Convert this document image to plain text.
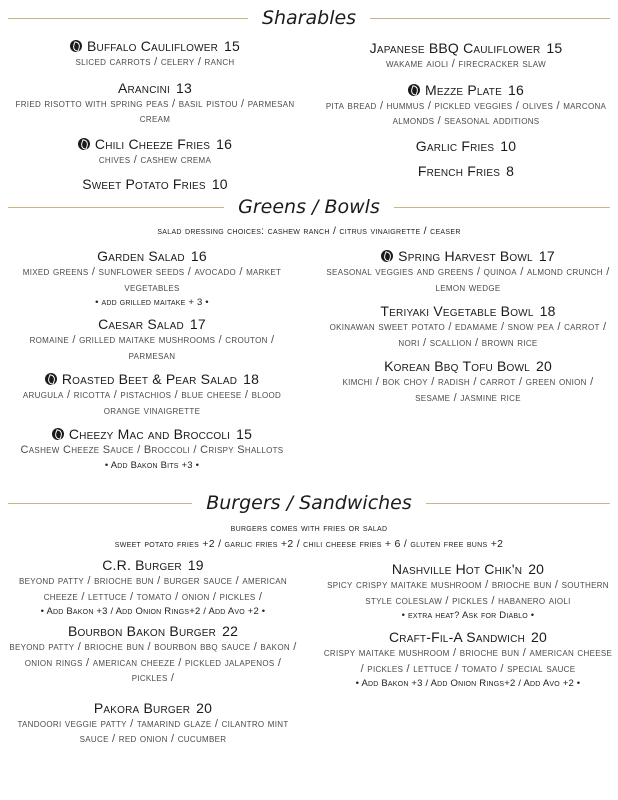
Sharables
Buffalo Cauliflower 15
sliced carrots / celery / ranch
Arancini 13
fried risotto with spring peas / basil pistou / parmesan cream
Chili Cheeze Fries 16
chives / cashew crema
Sweet Potato Fries 10
Japanese BBQ Cauliflower 15
wakame aioli / firecracker slaw
Mezze Plate 16
pita bread / hummus / pickled veggies / olives / marcona almonds / seasonal additions
Garlic Fries 10
French Fries 8
Greens / Bowls
salad dressing choices: cashew ranch / citrus vinaigrette / ceaser
Garden Salad 16
mixed greens / sunflower seeds / avocado / market vegetables
• add grilled maitake + 3 •
Caesar Salad 17
romaine / grilled maitake mushrooms / crouton / parmesan
Roasted Beet & Pear Salad 18
arugula / ricotta / pistachios / blue cheese / blood orange vinaigrette
Cheezy Mac and Broccoli 15
Cashew Cheeze Sauce / Broccoli / Crispy Shallots
• Add Bakon Bits +3 •
Spring Harvest Bowl 17
seasonal veggies and greens / quinoa / almond crunch / lemon wedge
Teriyaki Vegetable Bowl 18
okinawan sweet potato / edamame / snow pea / carrot / nori / scallion / brown rice
Korean Bbq Tofu Bowl 20
kimchi / bok choy / radish / carrot / green onion / sesame / jasmine rice
Burgers / Sandwiches
burgers comes with fries or salad
sweet potato fries +2 / garlic fries +2 / chili cheese fries + 6 / gluten free buns +2
C.R. Burger 19
beyond patty / brioche bun / burger sauce / american cheeze / lettuce / tomato / onion / pickles /
• Add Bakon +3 / Add Onion Rings+2 / Add Avo +2 •
Bourbon Bakon Burger 22
beyond patty / brioche bun / bourbon bbq sauce / bakon / onion rings / american cheeze / pickled jalapenos / pickles /
Pakora Burger 20
tandoori veggie patty / tamarind glaze / cilantro mint sauce / red onion / cucumber
Nashville Hot Chik'n 20
spicy crispy maitake mushroom / brioche bun / southern style coleslaw / pickles / habanero aioli
• extra heat? Ask for Diablo •
Craft-Fil-A Sandwich 20
crispy maitake mushroom / brioche bun / american cheese / pickles / lettuce / tomato / special sauce
• Add Bakon +3 / Add Onion Rings+2 / Add Avo +2 •
